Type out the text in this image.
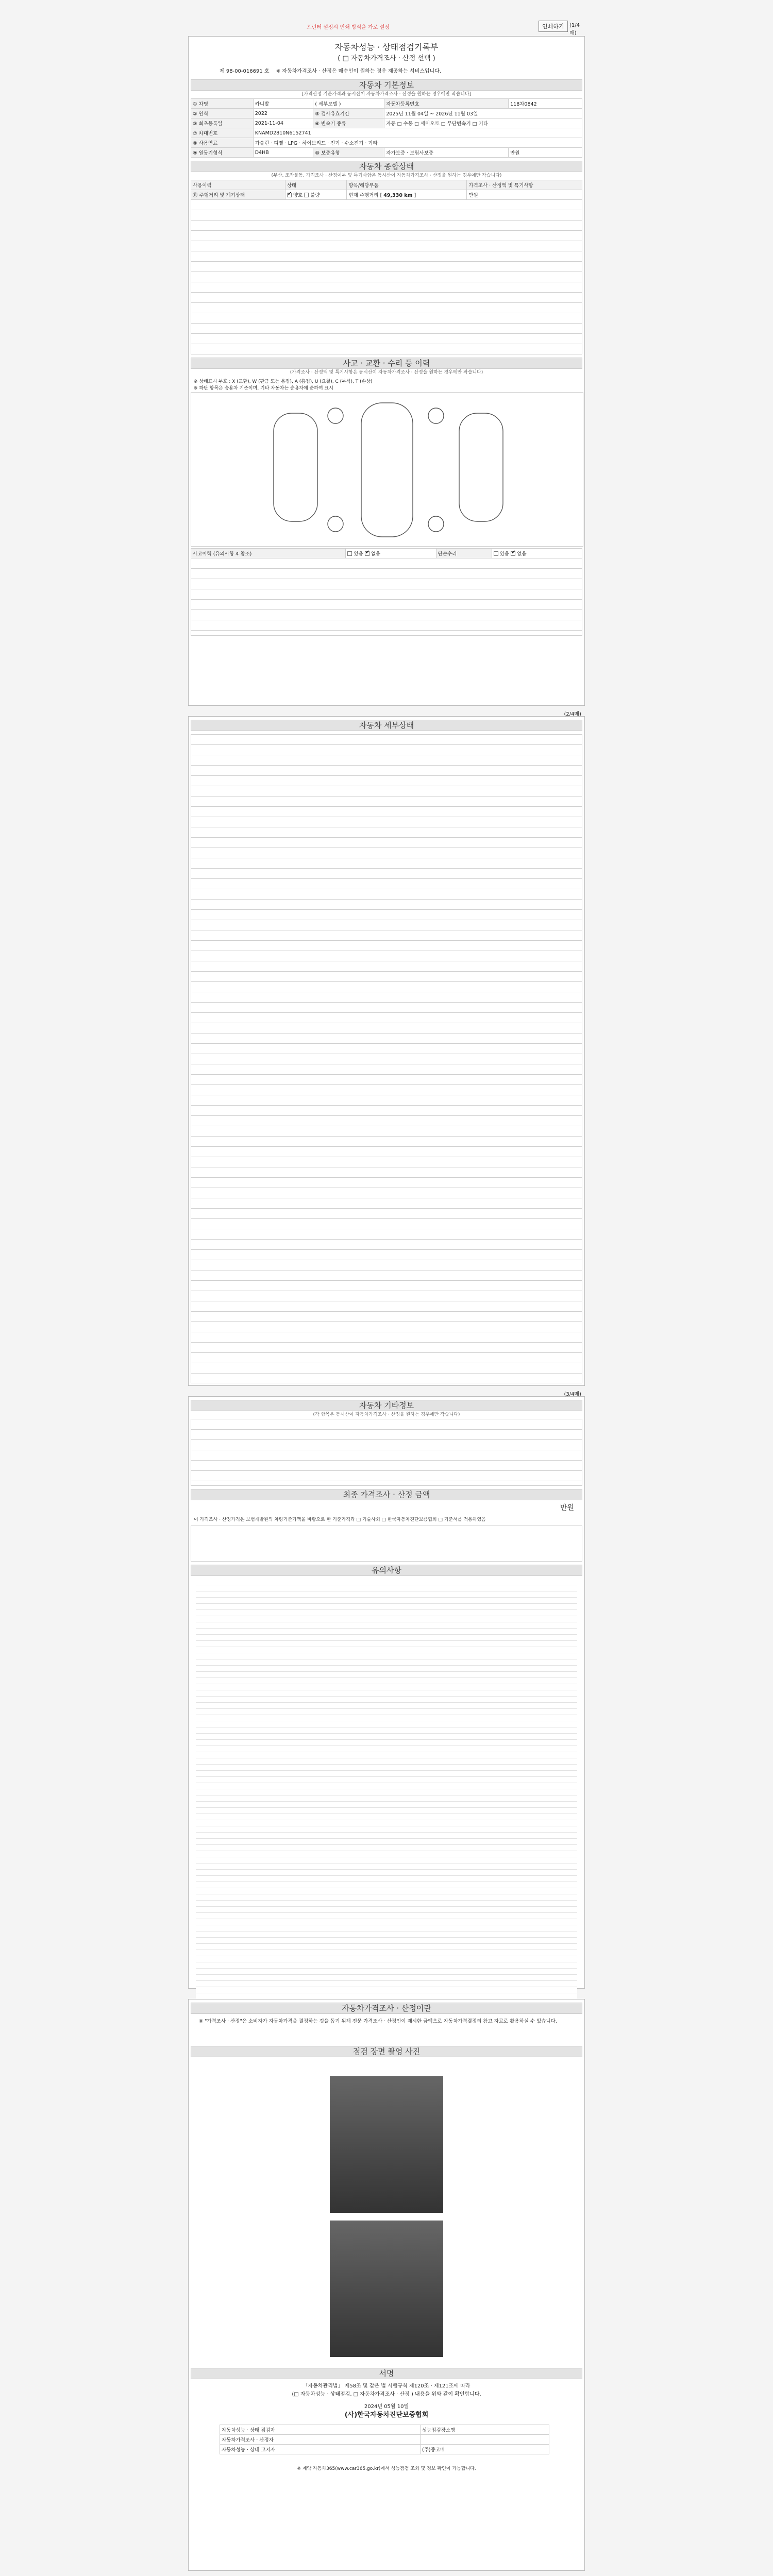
프린터 설정시 인쇄 방식을 가로 설정	인쇄하기	(1/4매)
자동차성능 · 상태점검기록부
( □ 자동차가격조사 · 산정 선택 )
제 98-00-016691 호 ※ 자동차가격조사 · 산정은 매수인이 원하는 경우 제공하는 서비스입니다.
자동차 기본정보
[가격산정 기준가격과 동시산이 자동차가격조사 · 산정을 원하는 경우에만 작습니다]
① 차명	카니발	( 세부모델 )	자동차등록번호	118차0842
② 연식	2022	⑤ 검사유효기간	2025년 11월 04일 ~ 2026년 11월 03일	
③ 최초등록일	2021-11-04	⑥ 변속기 종류	자동 □ 수동 □ 세미오토 □ 무단변속기 □ 기타	
⑦ 차대번호	KNAMD2810N6152741			
⑧ 사용연료	가솔린 · 디젤 · LPG · 하이브리드 · 전기 · 수소전기 · 기타			
⑨ 원동기형식	D4HB	⑩ 보증유형	자가보증 · 보험사보증	만원
자동차 종합상태
(부산, 조작불동, 가격조사 · 산정여부 및 특기사항은 동시산이 자동차가격조사 · 산정을 원하는 경우에만 작습니다)
사용이력	상태	항목/해당부품	가격조사 · 산정액 및 특기사항
⑪ 주행거리 및 계기상태	✔양호 불량	현재 주행거리 [ 49,330 km ]	만원
사고 · 교환 · 수리 등 이력
(가격조사 · 산정액 및 특기사항은 동시산이 자동차가격조사 · 산정을 원하는 경우에만 작습니다)
※ 상태표시 부호 : X (교환), W (판금 또는 용접), A (흠집), U (요철), C (부식), T (손상)
※ 하단 항목은 승용차 기준이며, 기타 자동차는 승용차에 준하여 표시
사고이력 (유의사항 4 참조)	있음 ✔없음	단순수리	있음 ✔없음
(2/4매)
자동차 세부상태
(3/4매)
자동차 기타정보
(각 항목은 동시산이 자동차가격조사 · 산정을 원하는 경우에만 작습니다)
최종 가격조사 · 산정 금액
만원
이 가격조사 · 산정가격은 보험개발원의 차량기준가액을 바탕으로 한 기준가격과 □ 기술사회 □ 한국자동차진단보증협회 □ 기준서를 적용하였음
유의사항
자동차가격조사 · 산정이란
※ "가격조사 · 산정"은 소비자가 자동차가격을 결정하는 것을 돕기 위해 전문 가격조사 · 산정인이 제시한 금액으로 자동차가격결정의 참고 자료로 활용하실 수 있습니다.
점검 장면 촬영 사진
서명
「자동차관리법」 제58조 및 같은 법 시행규칙 제120조 · 제121조에 따라
(□ 자동차성능 · 상태점검, □ 자동차가격조사 · 산정 ) 내용을 위와 같이 확인합니다.
2024년 05월 10일
(사)한국자동차진단보증협회
자동차성능 · 상태 점검자	성능점검장소명
자동차가격조사 · 산정자	
자동차성능 · 상태 고지자	(주)중고매
※ 계약 자동차365(www.car365.go.kr)에서 성능점검 조회 및 정보 확인이 가능합니다.
